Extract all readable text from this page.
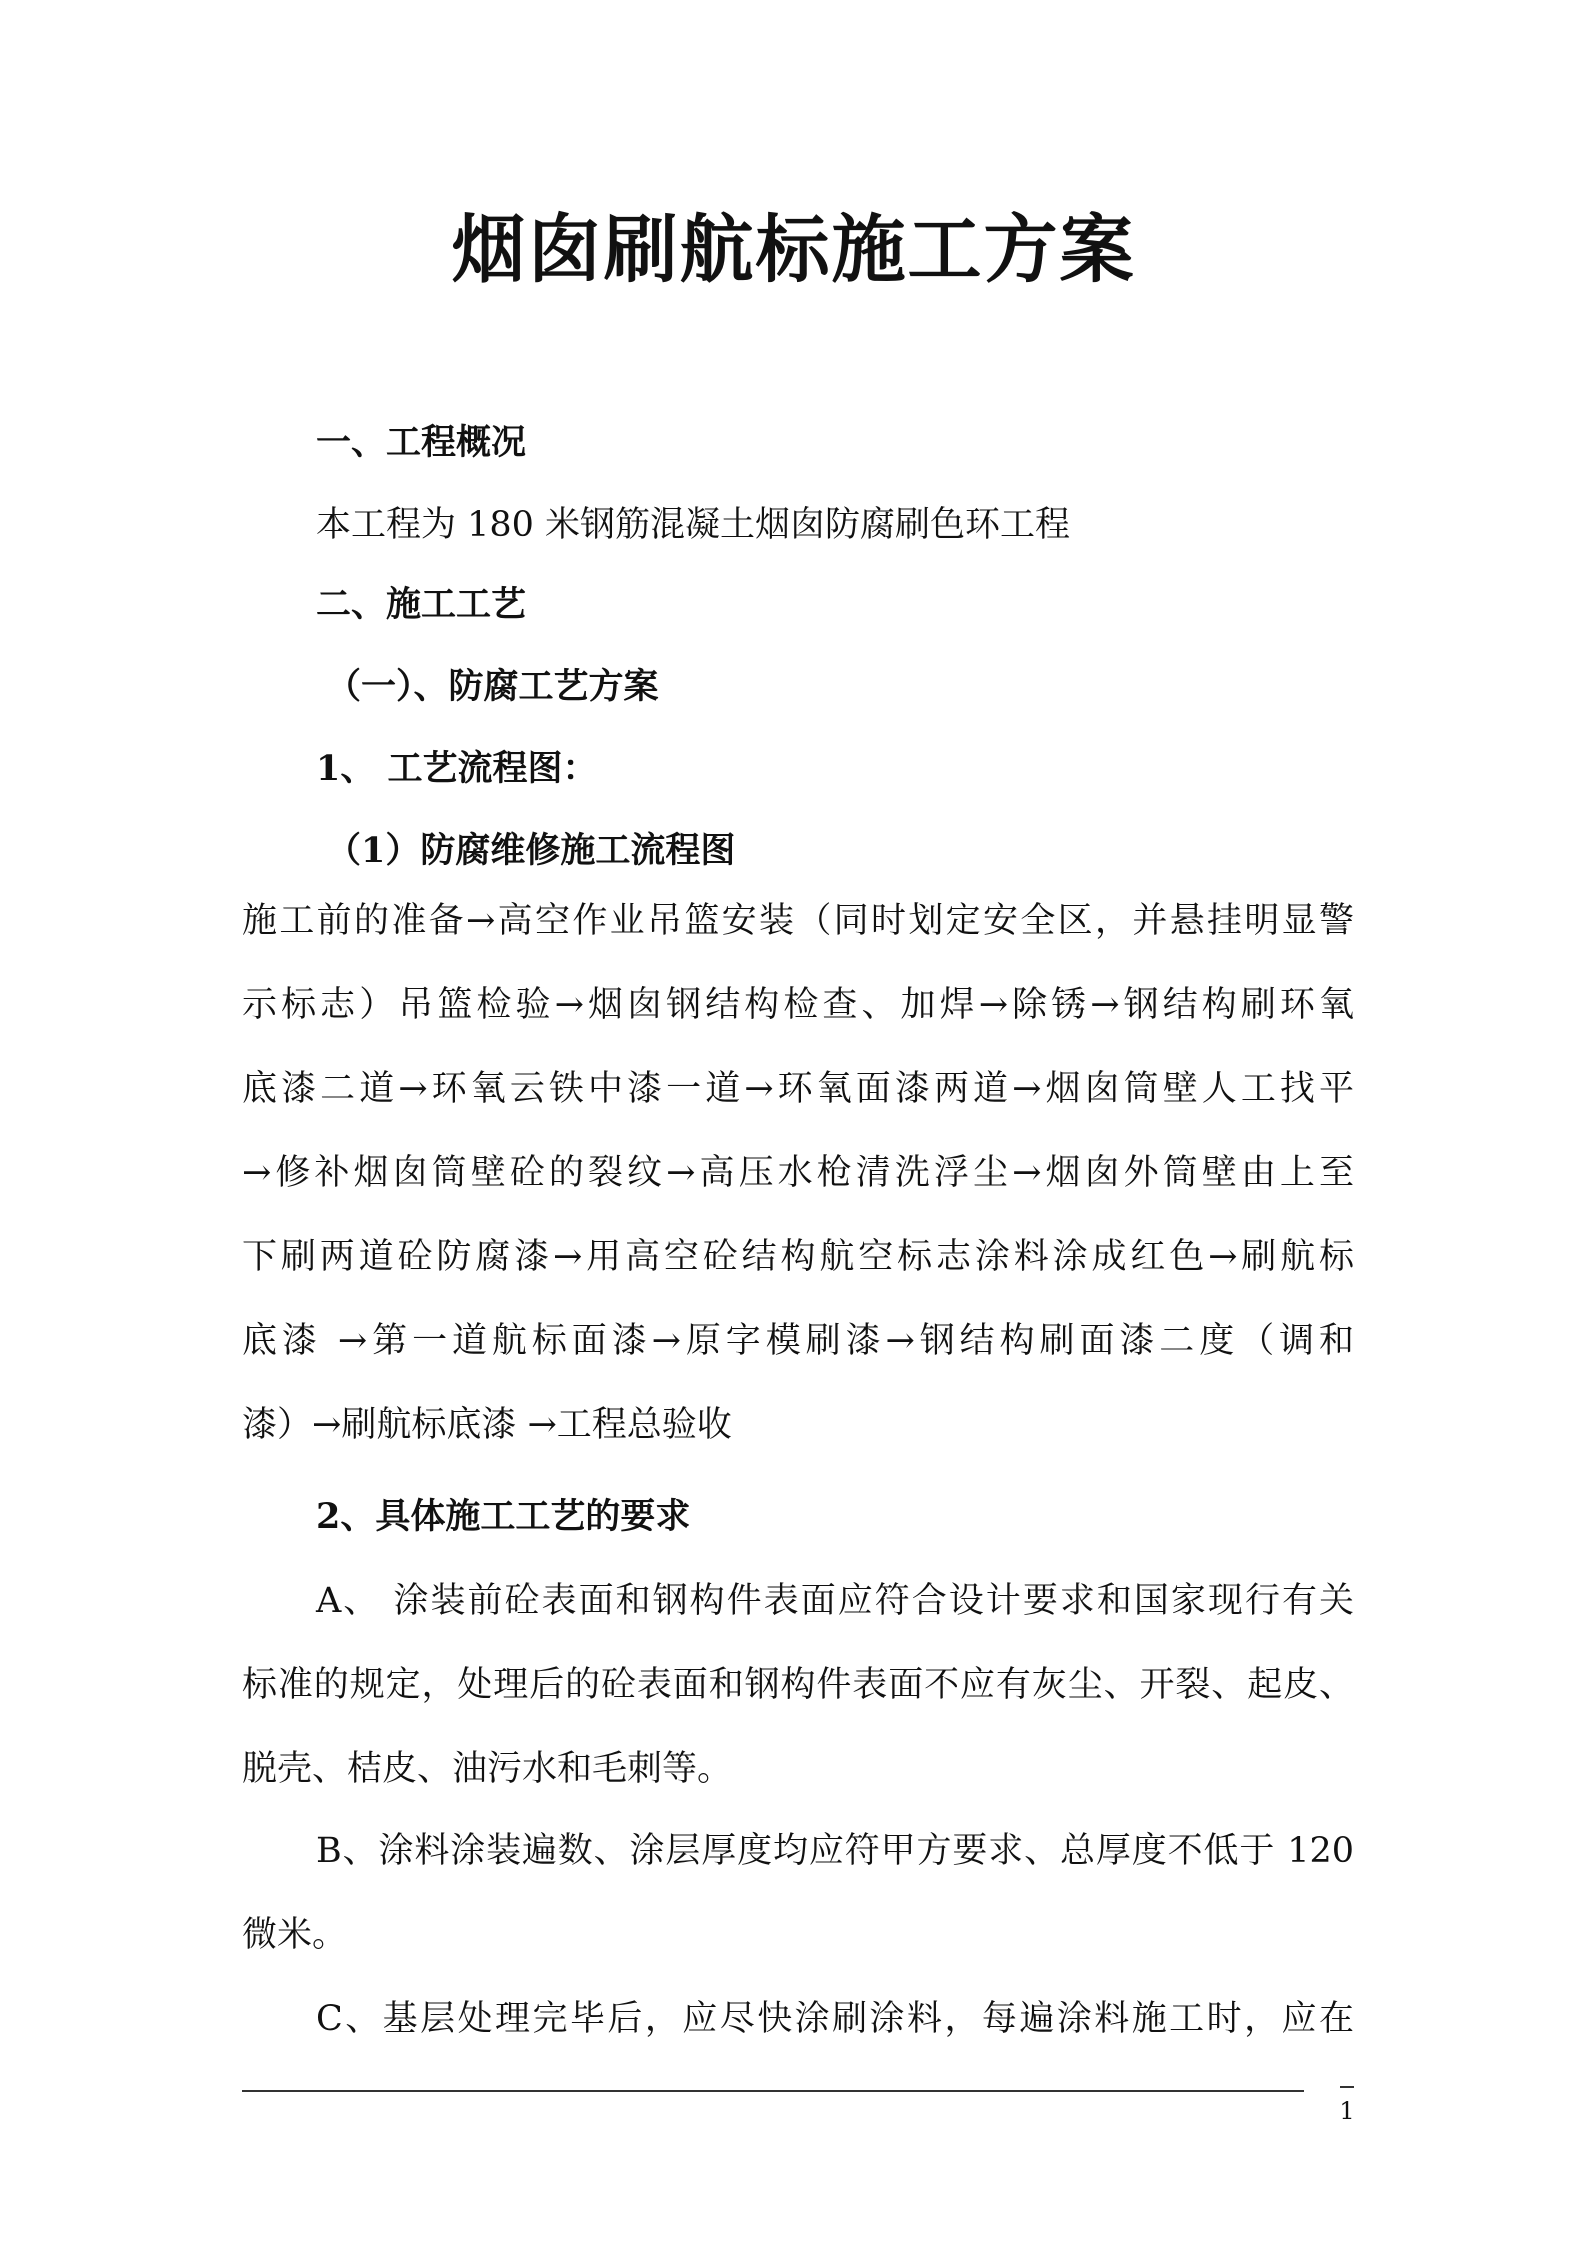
烟囱刷航标施工方案
一、工程概况
本工程为 180 米钢筋混凝土烟囱防腐刷色环工程
二、施工工艺
（一）、防腐工艺方案
1、 工艺流程图：
（1）防腐维修施工流程图
施工前的准备→高空作业吊篮安装（同时划定安全区，并悬挂明显警
示标志）吊篮检验→烟囱钢结构检查、加焊→除锈→钢结构刷环氧
底漆二道→环氧云铁中漆一道→环氧面漆两道→烟囱筒壁人工找平
→修补烟囱筒壁砼的裂纹→高压水枪清洗浮尘→烟囱外筒壁由上至
下刷两道砼防腐漆→用高空砼结构航空标志涂料涂成红色→刷航标
底漆 →第一道航标面漆→原字模刷漆→钢结构刷面漆二度（调和
漆）→刷航标底漆 →工程总验收
2、具体施工工艺的要求
A、 涂装前砼表面和钢构件表面应符合设计要求和国家现行有关
标准的规定，处理后的砼表面和钢构件表面不应有灰尘、开裂、起皮、
脱壳、桔皮、油污水和毛刺等。
B、涂料涂装遍数、涂层厚度均应符甲方要求、总厚度不低于 120
微米。
C、基层处理完毕后，应尽快涂刷涂料，每遍涂料施工时，应在
1
